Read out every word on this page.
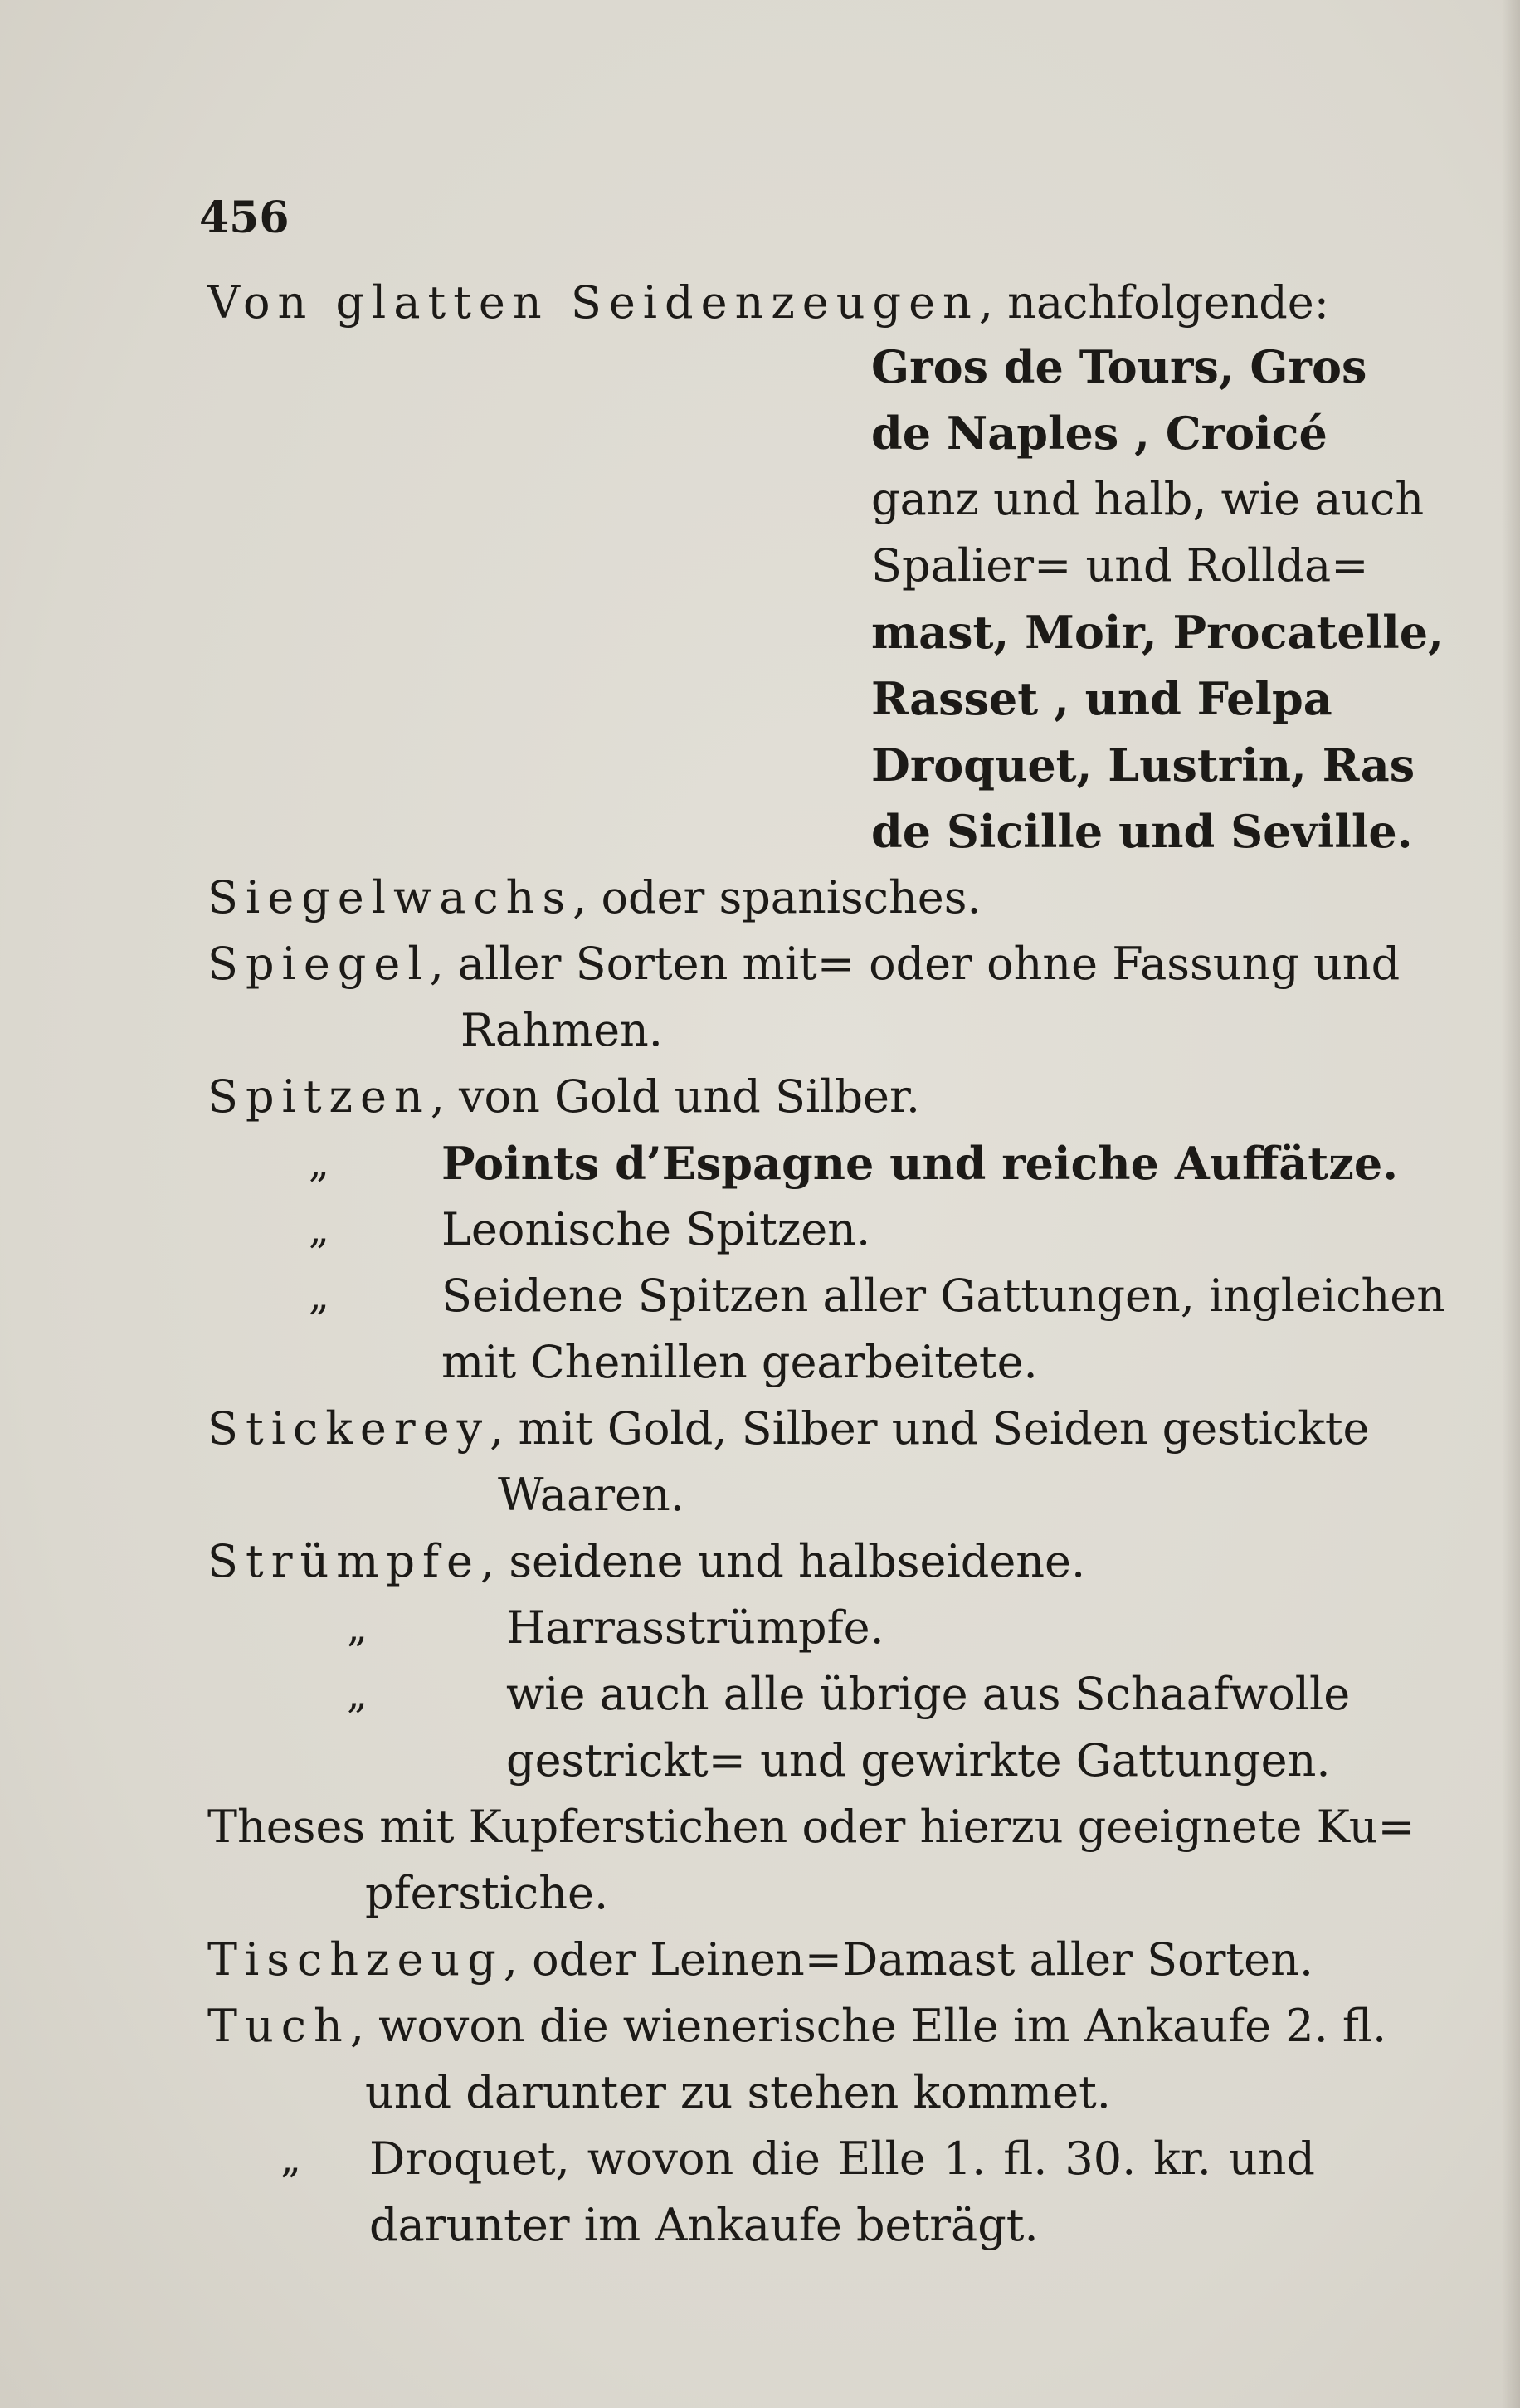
456
Von glatten Seidenzeugen, nachfolgende:
Gros de Tours, Gros
de Naples , Croicé
ganz und halb, wie auch
Spalier= und Rollda=
mast, Moir, Procatelle,
Rasset , und Felpa
Droquet, Lustrin, Ras
de Sicille und Seville.
Siegelwachs, oder spanisches.
Spiegel, aller Sorten mit= oder ohne Fassung und
Rahmen.
Spitzen, von Gold und Silber.
„	Points d’Espagne und reiche Auffätze.
„	Leonische Spitzen.
„	Seidene Spitzen aller Gattungen, ingleichen
mit Chenillen gearbeitete.
Stickerey, mit Gold, Silber und Seiden gestickte
Waaren.
Strümpfe, seidene und halbseidene.
„	Harrasstrümpfe.
„	wie auch alle übrige aus Schaafwolle
gestrickt= und gewirkte Gattungen.
Theses mit Kupferstichen oder hierzu geeignete Ku=
pferstiche.
Tischzeug, oder Leinen=Damast aller Sorten.
Tuch, wovon die wienerische Elle im Ankaufe 2. fl.
und darunter zu stehen kommet.
„ Droquet, wovon die Elle 1. fl. 30. kr. und
darunter im Ankaufe beträgt.
